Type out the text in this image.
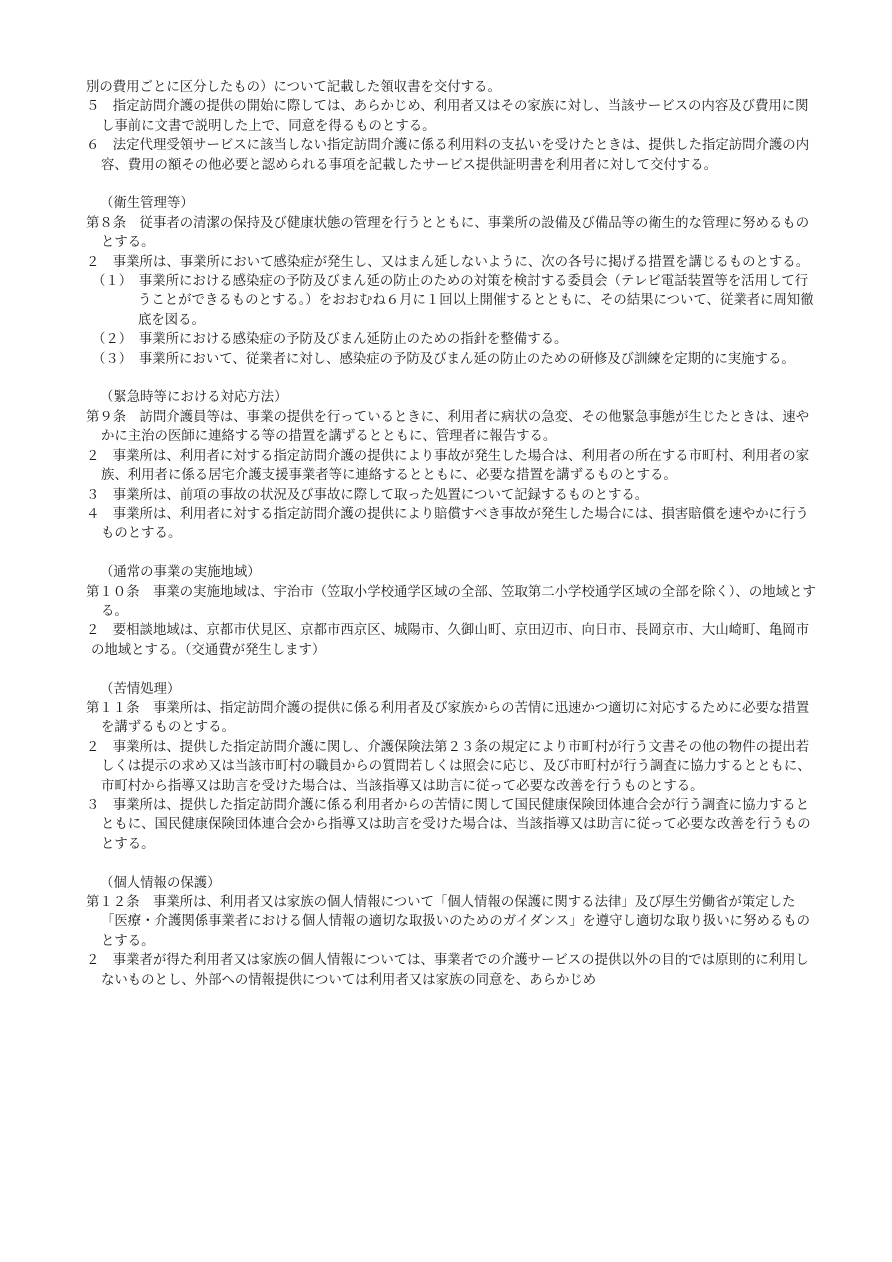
別の費用ごとに区分したもの）について記載した領収書を交付する。
５　指定訪問介護の提供の開始に際しては、あらかじめ、利用者又はその家族に対し、当該サービスの内容及び費用に関し事前に文書で説明した上で、同意を得るものとする。
６　法定代理受領サービスに該当しない指定訪問介護に係る利用料の支払いを受けたときは、提供した指定訪問介護の内容、費用の額その他必要と認められる事項を記載したサービス提供証明書を利用者に対して交付する。
（衛生管理等）
第８条　従事者の清潔の保持及び健康状態の管理を行うとともに、事業所の設備及び備品等の衛生的な管理に努めるものとする。
２　事業所は、事業所において感染症が発生し、又はまん延しないように、次の各号に掲げる措置を講じるものとする。
（１）　事業所における感染症の予防及びまん延の防止のための対策を検討する委員会（テレビ電話装置等を活用して行うことができるものとする。）をおおむね６月に１回以上開催するとともに、その結果について、従業者に周知徹底を図る。
（２）　事業所における感染症の予防及びまん延防止のための指針を整備する。
（３）　事業所において、従業者に対し、感染症の予防及びまん延の防止のための研修及び訓練を定期的に実施する。
（緊急時等における対応方法）
第９条　訪問介護員等は、事業の提供を行っているときに、利用者に病状の急変、その他緊急事態が生じたときは、速やかに主治の医師に連絡する等の措置を講ずるとともに、管理者に報告する。
２　事業所は、利用者に対する指定訪問介護の提供により事故が発生した場合は、利用者の所在する市町村、利用者の家族、利用者に係る居宅介護支援事業者等に連絡するとともに、必要な措置を講ずるものとする。
３　事業所は、前項の事故の状況及び事故に際して取った処置について記録するものとする。
４　事業所は、利用者に対する指定訪問介護の提供により賠償すべき事故が発生した場合には、損害賠償を速やかに行うものとする。
（通常の事業の実施地域）
第１０条　事業の実施地域は、宇治市（笠取小学校通学区域の全部、笠取第二小学校通学区域の全部を除く）、の地域とする。
２　要相談地域は、京都市伏見区、京都市西京区、城陽市、久御山町、京田辺市、向日市、長岡京市、大山崎町、亀岡市の地域とする。（交通費が発生します）
（苦情処理）
第１１条　事業所は、指定訪問介護の提供に係る利用者及び家族からの苦情に迅速かつ適切に対応するために必要な措置を講ずるものとする。
２　事業所は、提供した指定訪問介護に関し、介護保険法第２３条の規定により市町村が行う文書その他の物件の提出若しくは提示の求め又は当該市町村の職員からの質問若しくは照会に応じ、及び市町村が行う調査に協力するとともに、市町村から指導又は助言を受けた場合は、当該指導又は助言に従って必要な改善を行うものとする。
３　事業所は、提供した指定訪問介護に係る利用者からの苦情に関して国民健康保険団体連合会が行う調査に協力するとともに、国民健康保険団体連合会から指導又は助言を受けた場合は、当該指導又は助言に従って必要な改善を行うものとする。
（個人情報の保護）
第１２条　事業所は、利用者又は家族の個人情報について「個人情報の保護に関する法律」及び厚生労働省が策定した「医療・介護関係事業者における個人情報の適切な取扱いのためのガイダンス」を遵守し適切な取り扱いに努めるものとする。
２　事業者が得た利用者又は家族の個人情報については、事業者での介護サービスの提供以外の目的では原則的に利用しないものとし、外部への情報提供については利用者又は家族の同意を、あらかじめ
